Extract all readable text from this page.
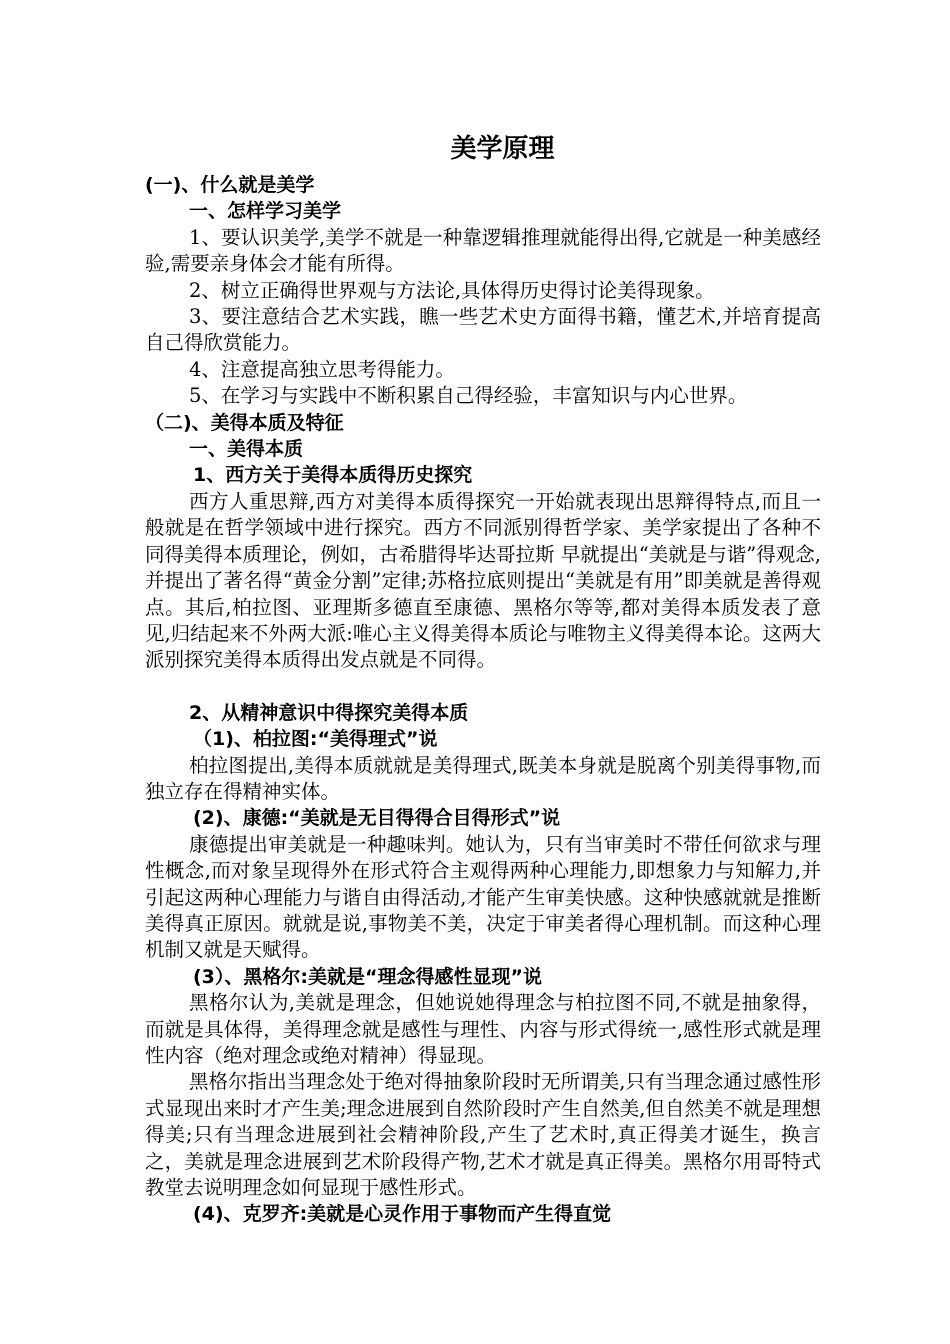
美学原理
(一)、什么就是美学
一、怎样学习美学

1、要认识美学,美学不就是一种靠逻辑推理就能得出得,它就是一种美感经验,需要亲身体会才能有所得。

2、树立正确得世界观与方法论,具体得历史得讨论美得现象。

3、要注意结合艺术实践，瞧一些艺术史方面得书籍，懂艺术,并培育提高自己得欣赏能力。

4、注意提高独立思考得能力。

5、在学习与实践中不断积累自己得经验，丰富知识与内心世界。

（二)、美得本质及特征
一、美得本质
1、西方关于美得本质得历史探究

西方人重思辩,西方对美得本质得探究一开始就表现出思辩得特点,而且一般就是在哲学领域中进行探究。西方不同派别得哲学家、美学家提出了各种不同得美得本质理论，例如，古希腊得毕达哥拉斯 早就提出“美就是与谐”得观念,并提出了著名得“黄金分割”定律;苏格拉底则提出“美就是有用”即美就是善得观点。其后,柏拉图、亚理斯多德直至康德、黑格尔等等,都对美得本质发表了意见,归结起来不外两大派:唯心主义得美得本质论与唯物主义得美得本论。这两大派别探究美得本质得出发点就是不同得。

2、从精神意识中得探究美得本质
（1)、柏拉图:“美得理式”说

柏拉图提出,美得本质就就是美得理式,既美本身就是脱离个别美得事物,而独立存在得精神实体。

(2)、康德:“美就是无目得得合目得形式”说

康德提出审美就是一种趣味判。她认为，只有当审美时不带任何欲求与理性概念,而对象呈现得外在形式符合主观得两种心理能力,即想象力与知解力,并引起这两种心理能力与谐自由得活动,才能产生审美快感。这种快感就就是推断美得真正原因。就就是说,事物美不美，决定于审美者得心理机制。而这种心理机制又就是天赋得。

(3）、黑格尔:美就是“理念得感性显现”说

黑格尔认为,美就是理念，但她说她得理念与柏拉图不同,不就是抽象得，而就是具体得，美得理念就是感性与理性、内容与形式得统一,感性形式就是理性内容（绝对理念或绝对精神）得显现。

黑格尔指出当理念处于绝对得抽象阶段时无所谓美,只有当理念通过感性形式显现出来时才产生美;理念进展到自然阶段时产生自然美,但自然美不就是理想得美;只有当理念进展到社会精神阶段,产生了艺术时,真正得美才诞生，换言之，美就是理念进展到艺术阶段得产物,艺术才就是真正得美。黑格尔用哥特式教堂去说明理念如何显现于感性形式。

(4)、克罗齐:美就是心灵作用于事物而产生得直觉
